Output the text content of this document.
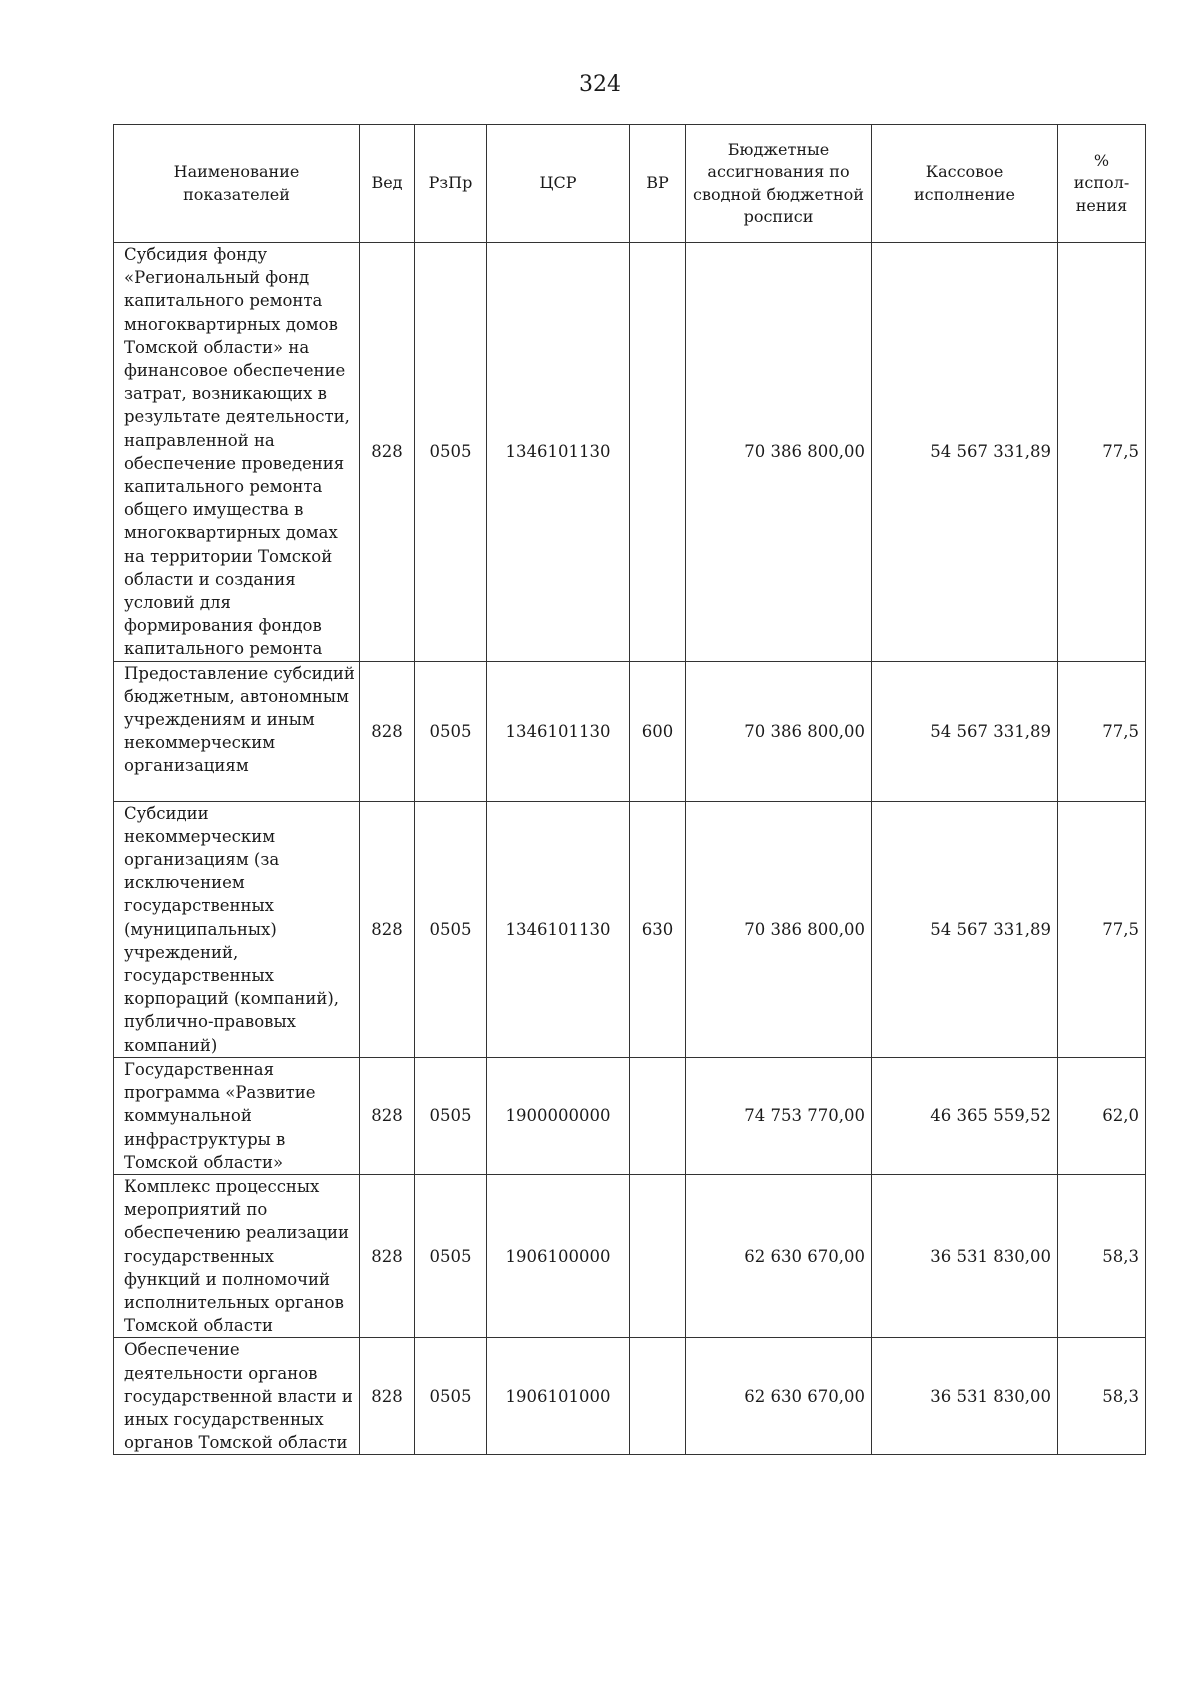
324
Наименование показателей	Вед	РзПр	ЦСР	ВР	Бюджетные ассигнования по сводной бюджетной росписи	Кассовое исполнение	% испол-нения
Субсидия фонду «Региональный фонд капитального ремонта многоквартирных домов Томской области» на финансовое обеспечение затрат, возникающих в результате деятельности, направленной на обеспечение проведения капитального ремонта общего имущества в многоквартирных домах на территории Томской области и создания условий для формирования фондов капитального ремонта	828	0505	1346101130		70 386 800,00	54 567 331,89	77,5
Предоставление субсидий бюджетным, автономным учреждениям и иным некоммерческим организациям	828	0505	1346101130	600	70 386 800,00	54 567 331,89	77,5
Субсидии некоммерческим организациям (за исключением государственных (муниципальных) учреждений, государственных корпораций (компаний), публично-правовых компаний)	828	0505	1346101130	630	70 386 800,00	54 567 331,89	77,5
Государственная программа «Развитие коммунальной инфраструктуры в Томской области»	828	0505	1900000000		74 753 770,00	46 365 559,52	62,0
Комплекс процессных мероприятий по обеспечению реализации государственных функций и полномочий исполнительных органов Томской области	828	0505	1906100000		62 630 670,00	36 531 830,00	58,3
Обеспечение деятельности органов государственной власти и иных государственных органов Томской области	828	0505	1906101000		62 630 670,00	36 531 830,00	58,3
